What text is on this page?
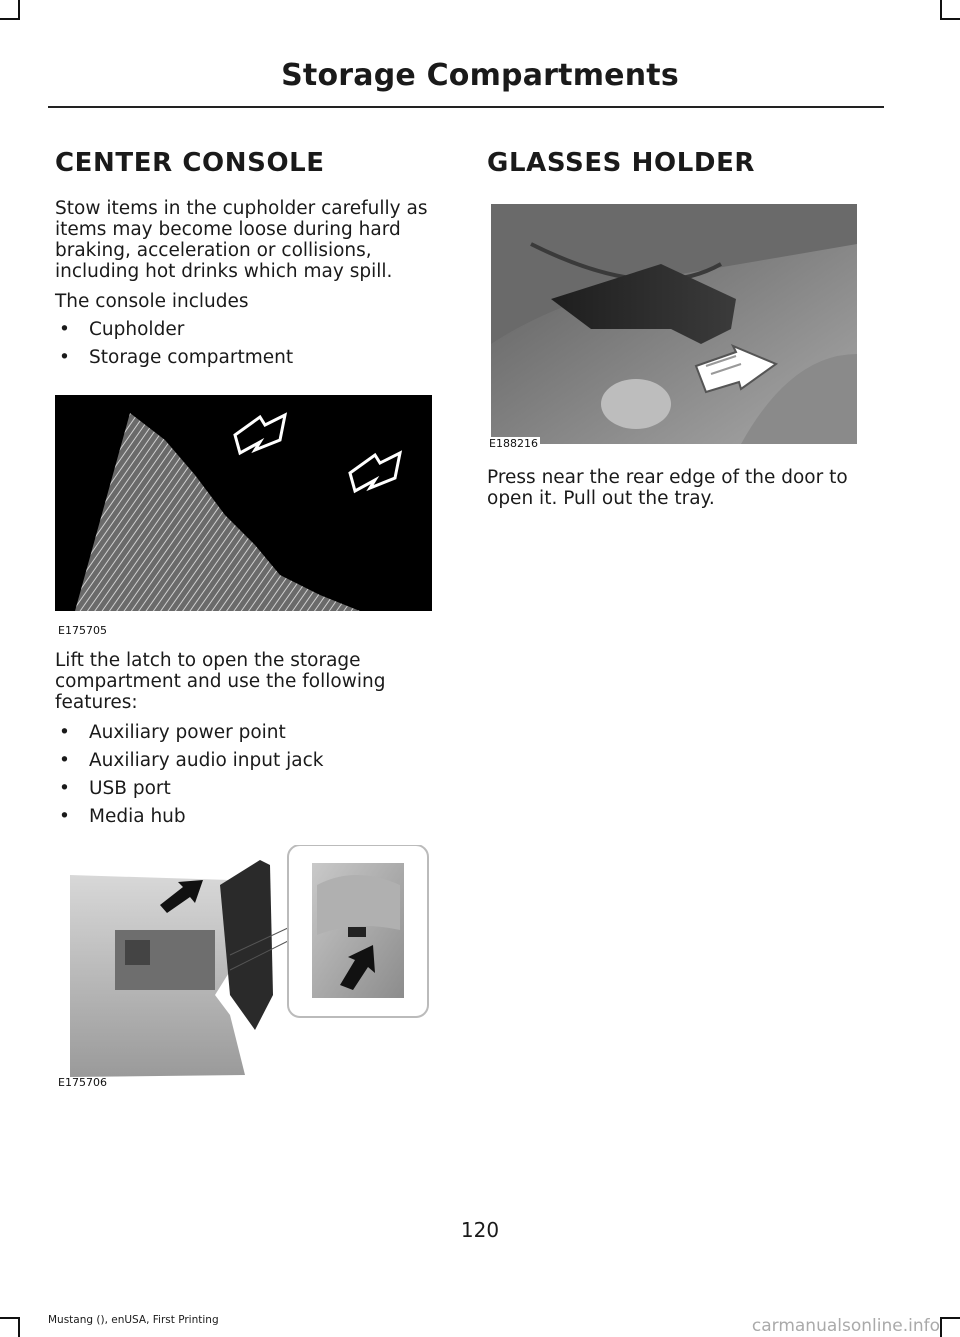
Storage Compartments
CENTER CONSOLE

Stow items in the cupholder carefully as items may become loose during hard braking, acceleration or collisions, including hot drinks which may spill.

The console includes

• Cupholder
• Storage compartment
E175705

Lift the latch to open the storage compartment and use the following features:

• Auxiliary power point
• Auxiliary audio input jack
• USB port
• Media hub
E175706
GLASSES HOLDER
E188216

Press near the rear edge of the door to open it. Pull out the tray.

120
Mustang (), enUSA, First Printing	carmanualsonline.info
